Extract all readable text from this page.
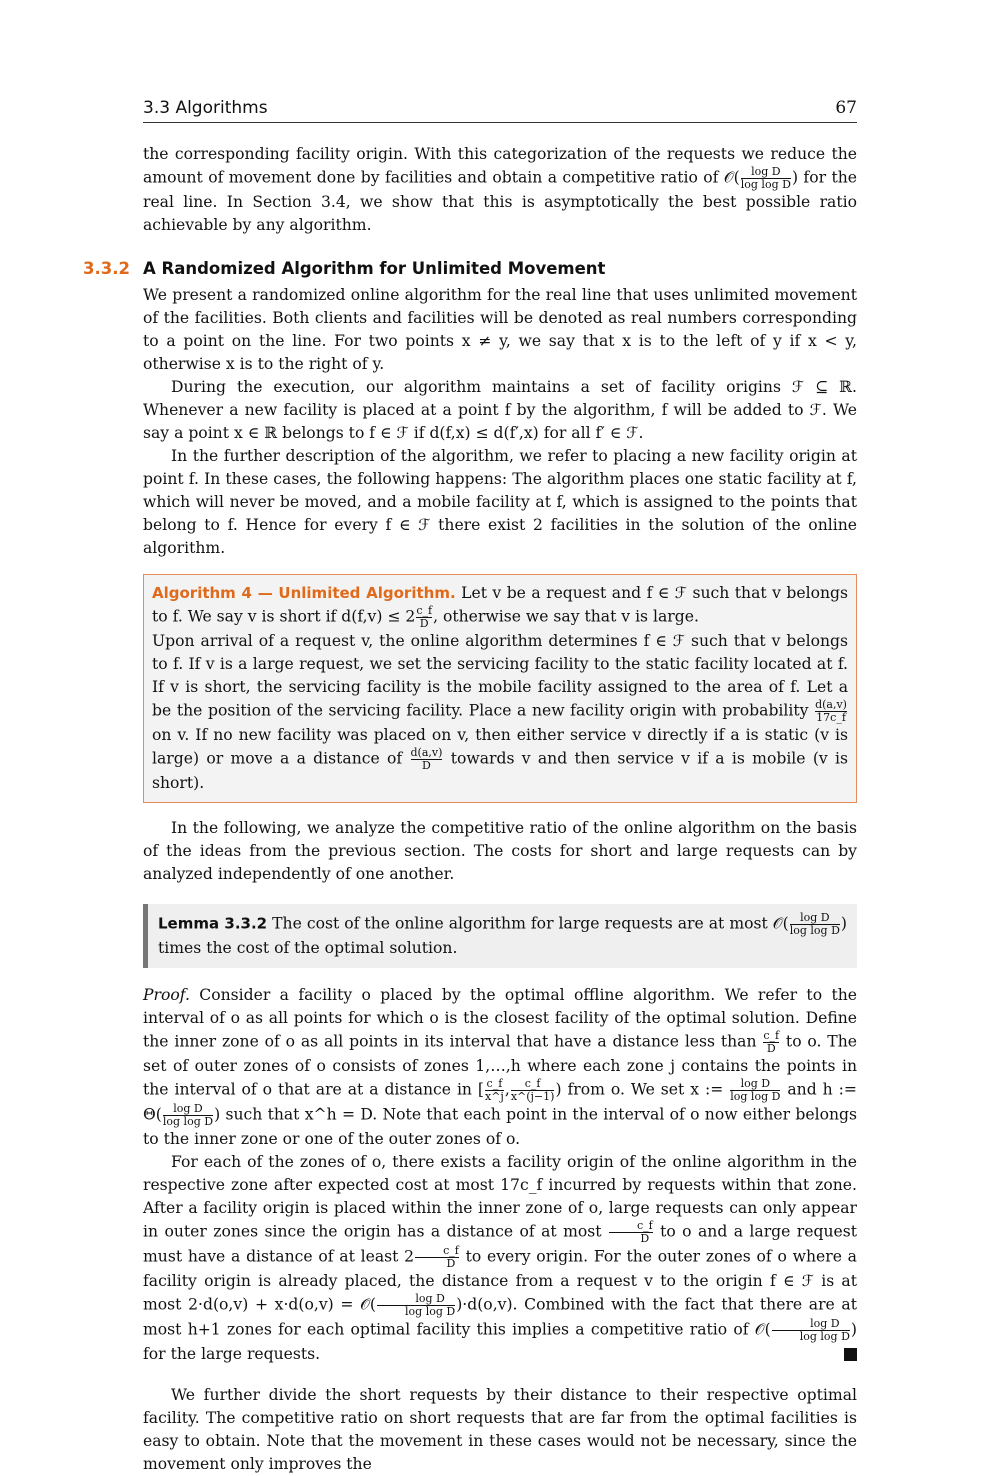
3.3 Algorithms	67

the corresponding facility origin. With this categorization of the requests we reduce the amount of movement done by facilities and obtain a competitive ratio of 𝒪( $\frac{\text{log D}}{\text{log log D}}$ ) for the real line. In Section 3.4, we show that this is asymptotically the best possible ratio achievable by any algorithm.

3.3.2 A Randomized Algorithm for Unlimited Movement

We present a randomized online algorithm for the real line that uses unlimited movement of the facilities. Both clients and facilities will be denoted as real numbers corresponding to a point on the line. For two points x ≠ y, we say that x is to the left of y if x < y, otherwise x is to the right of y.

During the execution, our algorithm maintains a set of facility origins ℱ ⊆ ℝ. Whenever a new facility is placed at a point f by the algorithm, f will be added to ℱ. We say a point x ∈ ℝ belongs to f ∈ ℱ if d(f,x) ≤ d(f′,x) for all f′ ∈ ℱ.

In the further description of the algorithm, we refer to placing a new facility origin at point f. In these cases, the following happens: The algorithm places one static facility at f, which will never be moved, and a mobile facility at f, which is assigned to the points that belong to f. Hence for every f ∈ ℱ there exist 2 facilities in the solution of the online algorithm.

Algorithm 4 — Unlimited Algorithm. Let v be a request and f ∈ ℱ such that v belongs to f. We say v is short if $d(f,v) \le 2 \frac{c\_f}{D}$ , otherwise we say that v is large.

Upon arrival of a request v, the online algorithm determines f ∈ ℱ such that v belongs to f. If v is a large request, we set the servicing facility to the static facility located at f. If v is short, the servicing facility is the mobile facility assigned to the area of f. Let a be the position of the servicing facility. Place a new facility origin with probability $\frac{d(a,v)}{17c\_f}$
on v. If no new facility was placed on v, then either service v directly if a is static (v is large) or move a a distance of $\frac{d(a,v)}{D}$ towards v and then service v if a is mobile (v is short).

In the following, we analyze the competitive ratio of the online algorithm on the basis of the ideas from the previous section. The costs for short and large requests can by analyzed independently of one another.

Lemma 3.3.2 The cost of the online algorithm for large requests are at most 𝒪( $\frac{\text{log D}}{\text{log log D}}$ ) times the cost of the optimal solution.

Proof. Consider a facility o placed by the optimal offline algorithm. We refer to the interval of o as all points for which o is the closest facility of the optimal solution. Define the inner zone of o as all points in its interval that have a distance less than $\frac{c\_f}{D}$ to o. The set of outer zones of o consists of zones 1,…,h where each zone j contains the points in the interval of o that are at a distance in [ $\frac{c\_f}{x\^{}j}$ , $\frac{c\_f}{x\^{}(j-1)}$ ) from o. We set x := $\frac{\text{log D}}{\text{log log D}}$ and h := $\Theta( \frac{\text{log D}}{\text{log log D}}$ ) such that x^h = D. Note that each point in the interval of o now either belongs to the inner zone or one of the outer zones of o.

For each of the zones of o, there exists a facility origin of the online algorithm in the respective zone after expected cost at most 17c_f incurred by requests within that zone. After a facility origin is placed within the inner zone of o, large requests can only appear in outer zones since the origin has a distance of at most $\frac{c\_f}{D}$ to o and a large request must have a distance of at least $2 \frac{c\_f}{D}$ to every origin. For the outer zones of o where a facility origin is already placed, the distance from a request v to the origin f ∈ ℱ is at most 2·d(o,v) + x·d(o,v) = 𝒪( $\frac{\text{log D}}{\text{log log D}} )\cdot d(o,v)$. Combined with the fact that there are at most h+1 zones for each optimal facility this implies a competitive ratio of 𝒪( $\frac{\text{log D}}{\text{log log D}}$ ) for the large requests.

We further divide the short requests by their distance to their respective optimal facility. The competitive ratio on short requests that are far from the optimal facilities is easy to obtain. Note that the movement in these cases would not be necessary, since the movement only improves the
